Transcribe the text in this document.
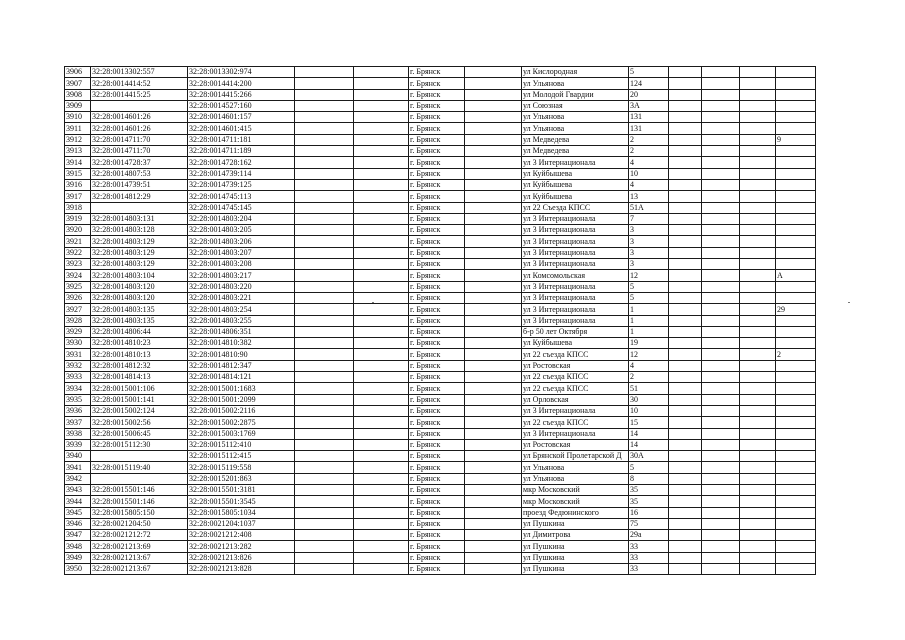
3906	32:28:0013302:557	32:28:0013302:974			г. Брянск		ул Кислородная	5				
3907	32:28:0014414:52	32:28:0014414:200			г. Брянск		ул Ульянова	124				
3908	32:28:0014415:25	32:28:0014415:266			г. Брянск		ул Молодой Гвардии	20				
3909		32:28:0014527:160			г. Брянск		ул Союзная	3А				
3910	32:28:0014601:26	32:28:0014601:157			г. Брянск		ул Ульянова	131				
3911	32:28:0014601:26	32:28:0014601:415			г. Брянск		ул Ульянова	131				
3912	32:28:0014711:70	32:28:0014711:181			г. Брянск		ул Медведева	2				9
3913	32:28:0014711:70	32:28:0014711:189			г. Брянск		ул Медведева	2				
3914	32:28:0014728:37	32:28:0014728:162			г. Брянск		ул 3 Интернационала	4				
3915	32:28:0014807:53	32:28:0014739:114			г. Брянск		ул Куйбышева	10				
3916	32:28:0014739:51	32:28:0014739:125			г. Брянск		ул Куйбышева	4				
3917	32:28:0014812:29	32:28:0014745:113			г. Брянск		ул Куйбышева	13				
3918		32:28:0014745:145			г. Брянск		ул 22 Съезда КПСС	51А				
3919	32:28:0014803:131	32:28:0014803:204			г. Брянск		ул 3 Интернационала	7				
3920	32:28:0014803:128	32:28:0014803:205			г. Брянск		ул 3 Интернационала	3				
3921	32:28:0014803:129	32:28:0014803:206			г. Брянск		ул 3 Интернационала	3				
3922	32:28:0014803:129	32:28:0014803:207			г. Брянск		ул 3 Интернационала	3				
3923	32:28:0014803:129	32:28:0014803:208			г. Брянск		ул 3 Интернационала	3				
3924	32:28:0014803:104	32:28:0014803:217			г. Брянск		ул Комсомольская	12				А
3925	32:28:0014803:120	32:28:0014803:220			г. Брянск		ул 3 Интернационала	5				
3926	32:28:0014803:120	32:28:0014803:221			г. Брянск		ул 3 Интернационала	5				
3927	32:28:0014803:135	32:28:0014803:254			г. Брянск		ул 3 Интернационала	1				29
3928	32:28:0014803:135	32:28:0014803:255			г. Брянск		ул 3 Интернационала	1				
3929	32:28:0014806:44	32:28:0014806:351			г. Брянск		б-р 50 лет Октября	1				
3930	32:28:0014810:23	32:28:0014810:382			г. Брянск		ул Куйбышева	19				
3931	32:28:0014810:13	32:28:0014810:90			г. Брянск		ул 22 съезда КПСС	12				2
3932	32:28:0014812:32	32:28:0014812:347			г. Брянск		ул Ростовская	4				
3933	32:28:0014814:13	32:28:0014814:121			г. Брянск		ул 22 съезда КПСС	2				
3934	32:28:0015001:106	32:28:0015001:1683			г. Брянск		ул 22 съезда КПСС	51				
3935	32:28:0015001:141	32:28:0015001:2099			г. Брянск		ул Орловская	30				
3936	32:28:0015002:124	32:28:0015002:2116			г. Брянск		ул 3 Интернационала	10				
3937	32:28:0015002:56	32:28:0015002:2875			г. Брянск		ул 22 съезда КПСС	15				
3938	32:28:0015006:45	32:28:0015003:1769			г. Брянск		ул 3 Интернационала	14				
3939	32:28:0015112:30	32:28:0015112:410			г. Брянск		ул Ростовская	14				
3940		32:28:0015112:415			г. Брянск		ул Брянской Пролетарской Д	30А				
3941	32:28:0015119:40	32:28:0015119:558			г. Брянск		ул Ульянова	5				
3942		32:28:0015201:863			г. Брянск		ул Ульянова	8				
3943	32:28:0015501:146	32:28:0015501:3181			г. Брянск		мкр Московский	35				
3944	32:28:0015501:146	32:28:0015501:3545			г. Брянск		мкр Московский	35				
3945	32:28:0015805:150	32:28:0015805:1034			г. Брянск		проезд Федюнинского	16				
3946	32:28:0021204:50	32:28:0021204:1037			г. Брянск		ул Пушкина	75				
3947	32:28:0021212:72	32:28:0021212:408			г. Брянск		ул Димитрова	29а				
3948	32:28:0021213:69	32:28:0021213:282			г. Брянск		ул Пушкина	33				
3949	32:28:0021213:67	32:28:0021213:826			г. Брянск		ул Пушкина	33				
3950	32:28:0021213:67	32:28:0021213:828			г. Брянск		ул Пушкина	33				
